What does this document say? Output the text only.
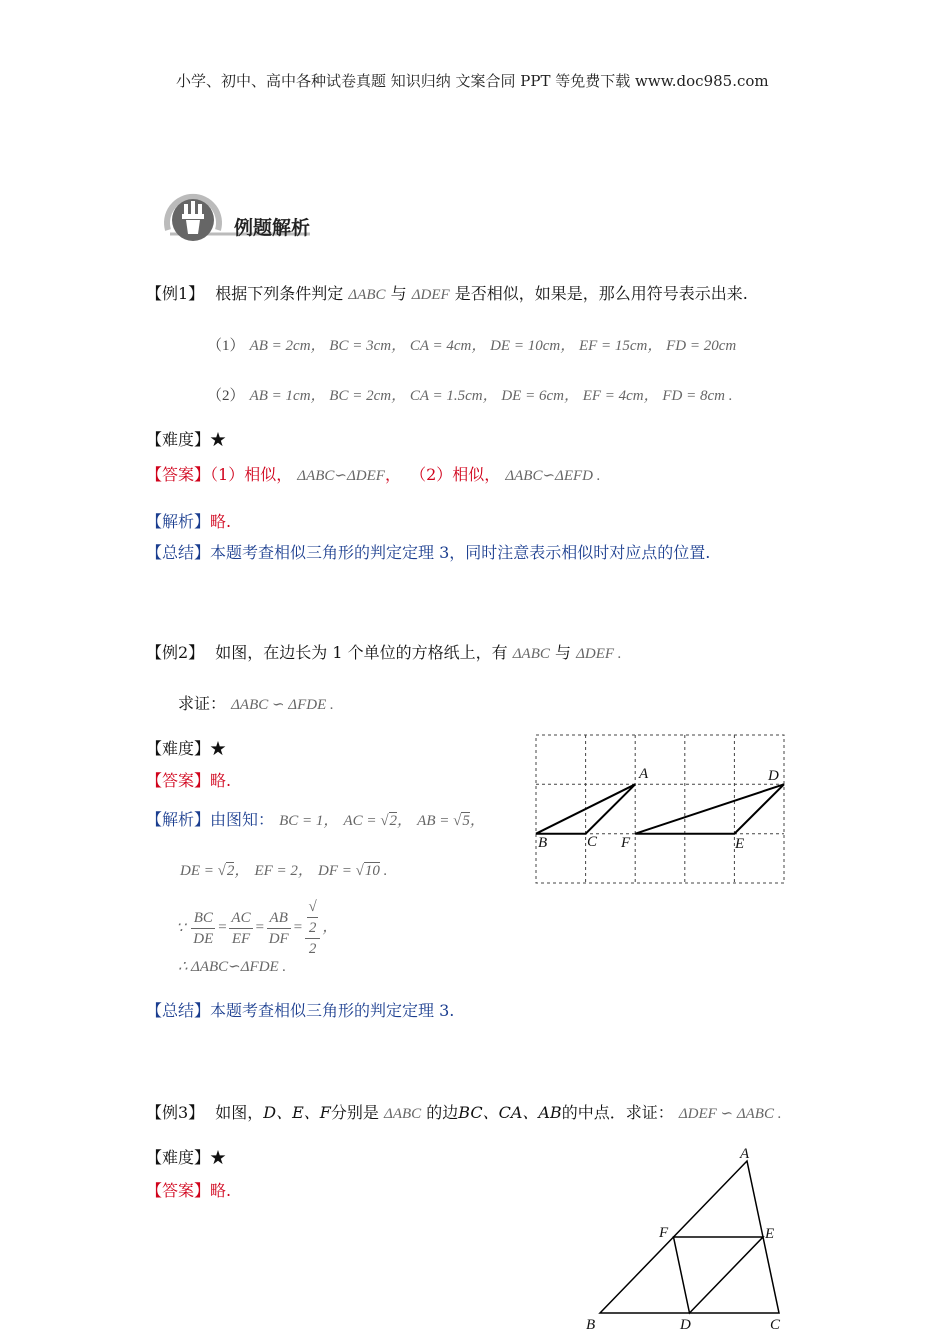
小学、初中、高中各种试卷真题 知识归纳 文案合同 PPT 等免费下载 www.doc985.com
例题解析
【例1】 根据下列条件判定 ΔABC 与 ΔDEF 是否相似，如果是，那么用符号表示出来.
（1） AB = 2cm， BC = 3cm， CA = 4cm， DE = 10cm， EF = 15cm， FD = 20cm
（2） AB = 1cm， BC = 2cm， CA = 1.5cm， DE = 6cm， EF = 4cm， FD = 8cm .
【难度】★
【答案】（1）相似， ΔABC∽ΔDEF， （2）相似， ΔABC∽ΔEFD .
【解析】略.
【总结】本题考查相似三角形的判定定理 3，同时注意表示相似时对应点的位置.
【例2】 如图，在边长为 1 个单位的方格纸上，有 ΔABC 与 ΔDEF .
求证： ΔABC ∽ ΔFDE .
【难度】★
【答案】略.
【解析】由图知： BC = 1， AC = √2， AB = √5，
DE = √2， EF = 2， DF = √10 .
∵ $\frac{BC}{DE} = \frac{AC}{EF} = \frac{AB}{DF}$ = √
2
2 ，
∴ ΔABC∽ΔFDE .
【总结】本题考查相似三角形的判定定理 3.
A
B	C
D
E
F
【例3】 如图，D、E、F分别是 ΔABC 的边BC、CA、AB的中点．求证： ΔDEF ∽ ΔABC .
【难度】★
【答案】略.
A
B	C
D
E
F
